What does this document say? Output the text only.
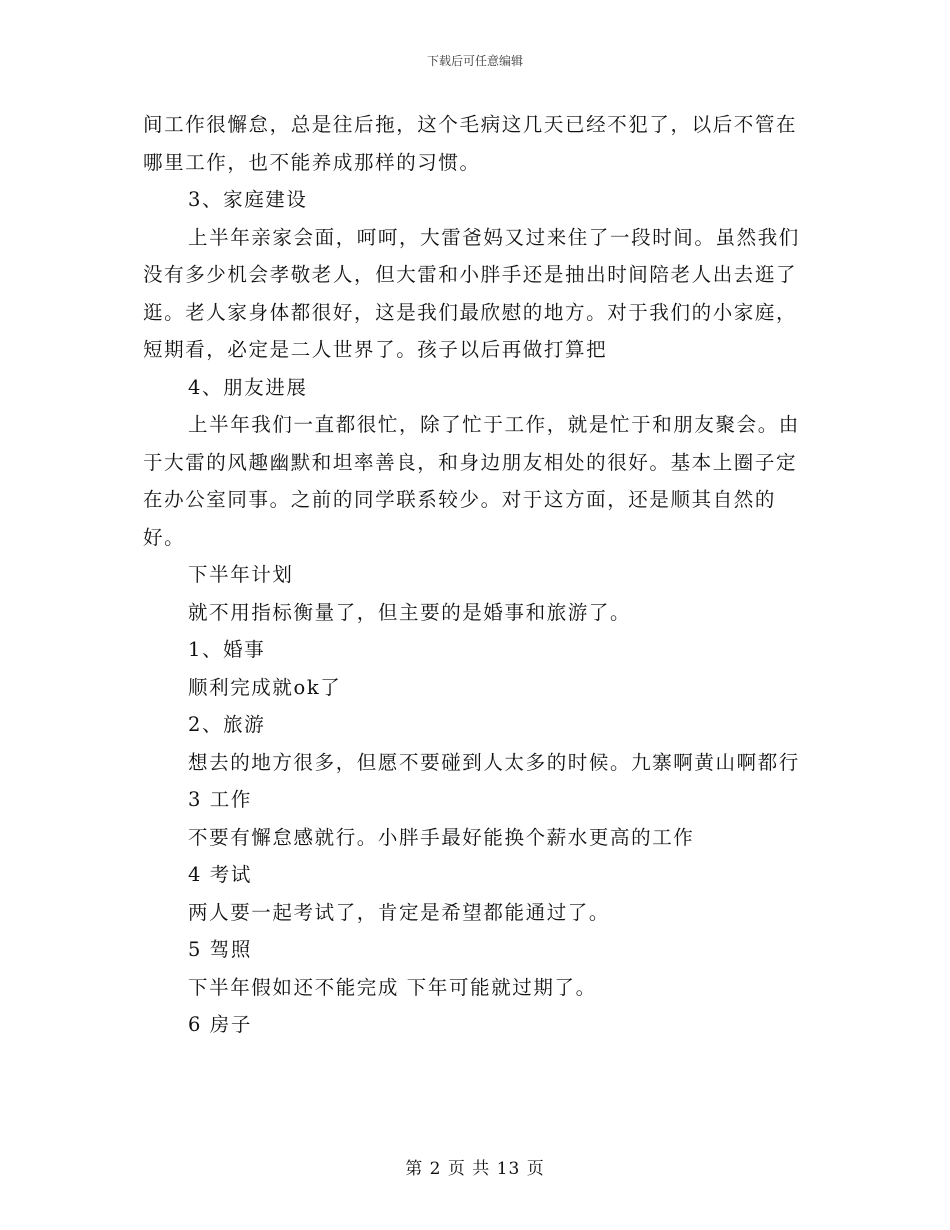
下载后可任意编辑

间工作很懈怠，总是往后拖，这个毛病这几天已经不犯了，以后不管在哪里工作，也不能养成那样的习惯。

3、家庭建设

上半年亲家会面，呵呵，大雷爸妈又过来住了一段时间。虽然我们没有多少机会孝敬老人，但大雷和小胖手还是抽出时间陪老人出去逛了逛。老人家身体都很好，这是我们最欣慰的地方。对于我们的小家庭，短期看，必定是二人世界了。孩子以后再做打算把

4、朋友进展

上半年我们一直都很忙，除了忙于工作，就是忙于和朋友聚会。由于大雷的风趣幽默和坦率善良，和身边朋友相处的很好。基本上圈子定在办公室同事。之前的同学联系较少。对于这方面，还是顺其自然的好。

下半年计划

就不用指标衡量了，但主要的是婚事和旅游了。

1、婚事

顺利完成就ok了

2、旅游

想去的地方很多，但愿不要碰到人太多的时候。九寨啊黄山啊都行

3 工作

不要有懈怠感就行。小胖手最好能换个薪水更高的工作

4 考试

两人要一起考试了，肯定是希望都能通过了。

5 驾照

下半年假如还不能完成 下年可能就过期了。

6 房子

第 2 页 共 13 页
